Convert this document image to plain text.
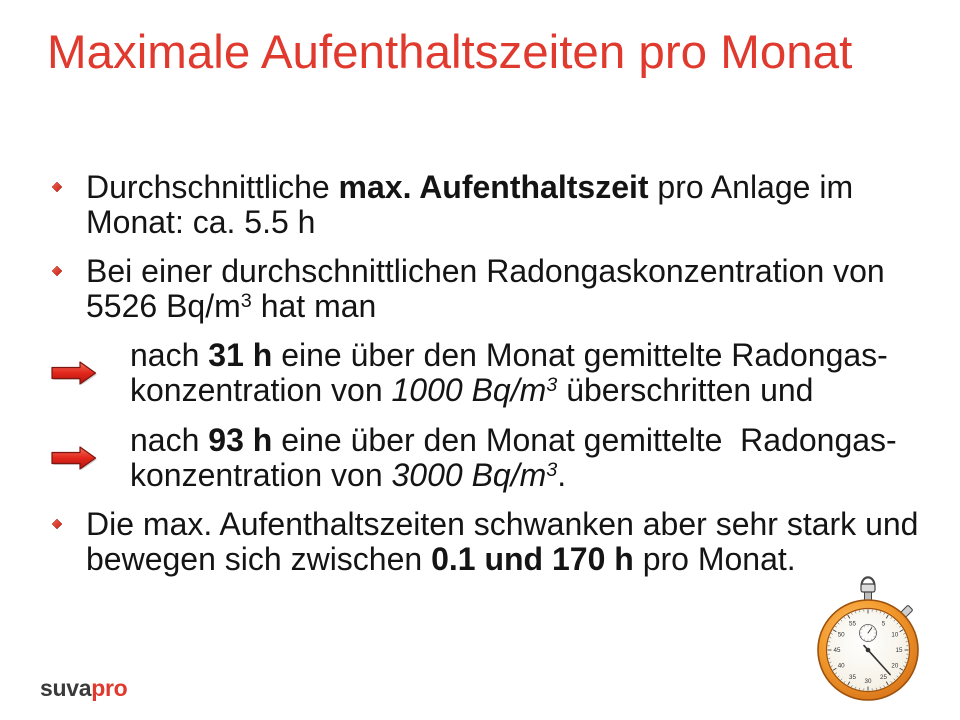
Maximale Aufenthaltszeiten pro Monat
Durchschnittliche max. Aufenthaltszeit pro Anlage im
Monat: ca. 5.5 h
Bei einer durchschnittlichen Radongaskonzentration von
5526 $Bq/m^3$ hat man
nach 31 h eine über den Monat gemittelte Radongas-
konzentration von 1000 $Bq/m^3$ überschritten und
nach 93 h eine über den Monat gemittelte  Radongas-
konzentration von 3000 $Bq/m^3$.
Die max. Aufenthaltszeiten schwanken aber sehr stark und
bewegen sich zwischen 0.1 und 170 h pro Monat.
suvapro
5
10
15
20
25
30
35
40
45
50
55
